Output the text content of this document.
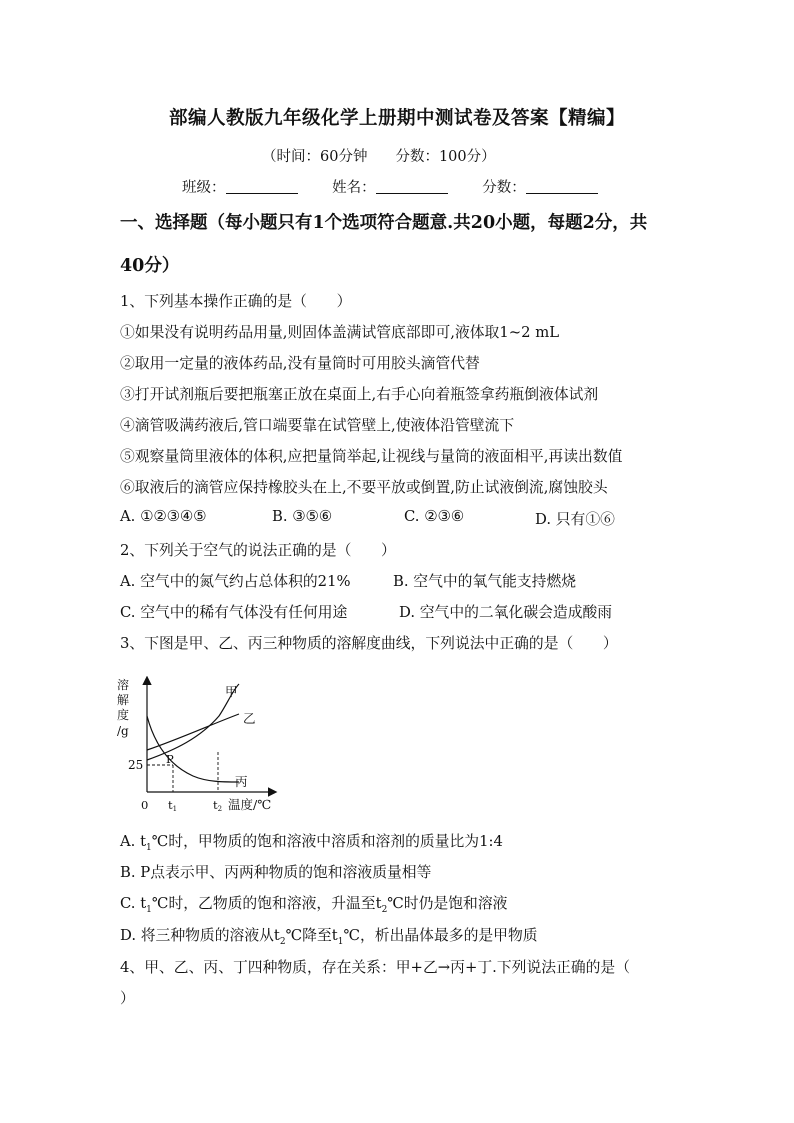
部编人教版九年级化学上册期中测试卷及答案【精编】
（时间：60分钟 分数：100分）
班级：	姓名：	分数：
一、选择题（每小题只有1个选项符合题意.共20小题，每题2分，共
40分）
1、下列基本操作正确的是（　　）
①如果没有说明药品用量,则固体盖满试管底部即可,液体取1~2 mL
②取用一定量的液体药品,没有量筒时可用胶头滴管代替
③打开试剂瓶后要把瓶塞正放在桌面上,右手心向着瓶签拿药瓶倒液体试剂
④滴管吸满药液后,管口端要靠在试管壁上,使液体沿管壁流下
⑤观察量筒里液体的体积,应把量筒举起,让视线与量筒的液面相平,再读出数值
⑥取液后的滴管应保持橡胶头在上,不要平放或倒置,防止试液倒流,腐蚀胶头
A. ①②③④⑤	B. ③⑤⑥	C. ②③⑥	D. 只有①⑥
2、下列关于空气的说法正确的是（　　）
A. 空气中的氮气约占总体积的21%	B. 空气中的氧气能支持燃烧
C. 空气中的稀有气体没有任何用途	D. 空气中的二氧化碳会造成酸雨
3、下图是甲、乙、丙三种物质的溶解度曲线，下列说法中正确的是（　　）
溶
解
度
/g
25
甲
乙
丙
P
0 t1	t2 温度/℃
A. $t_1℃$时，甲物质的饱和溶液中溶质和溶剂的质量比为1:4
B. P点表示甲、丙两种物质的饱和溶液质量相等
C. $t_1℃$时，乙物质的饱和溶液，升温至$t_2℃$时仍是饱和溶液
D. 将三种物质的溶液从$t_2℃$降至$t_1℃$，析出晶体最多的是甲物质
4、甲、乙、丙、丁四种物质，存在关系：甲+乙→丙+丁.下列说法正确的是（
）
